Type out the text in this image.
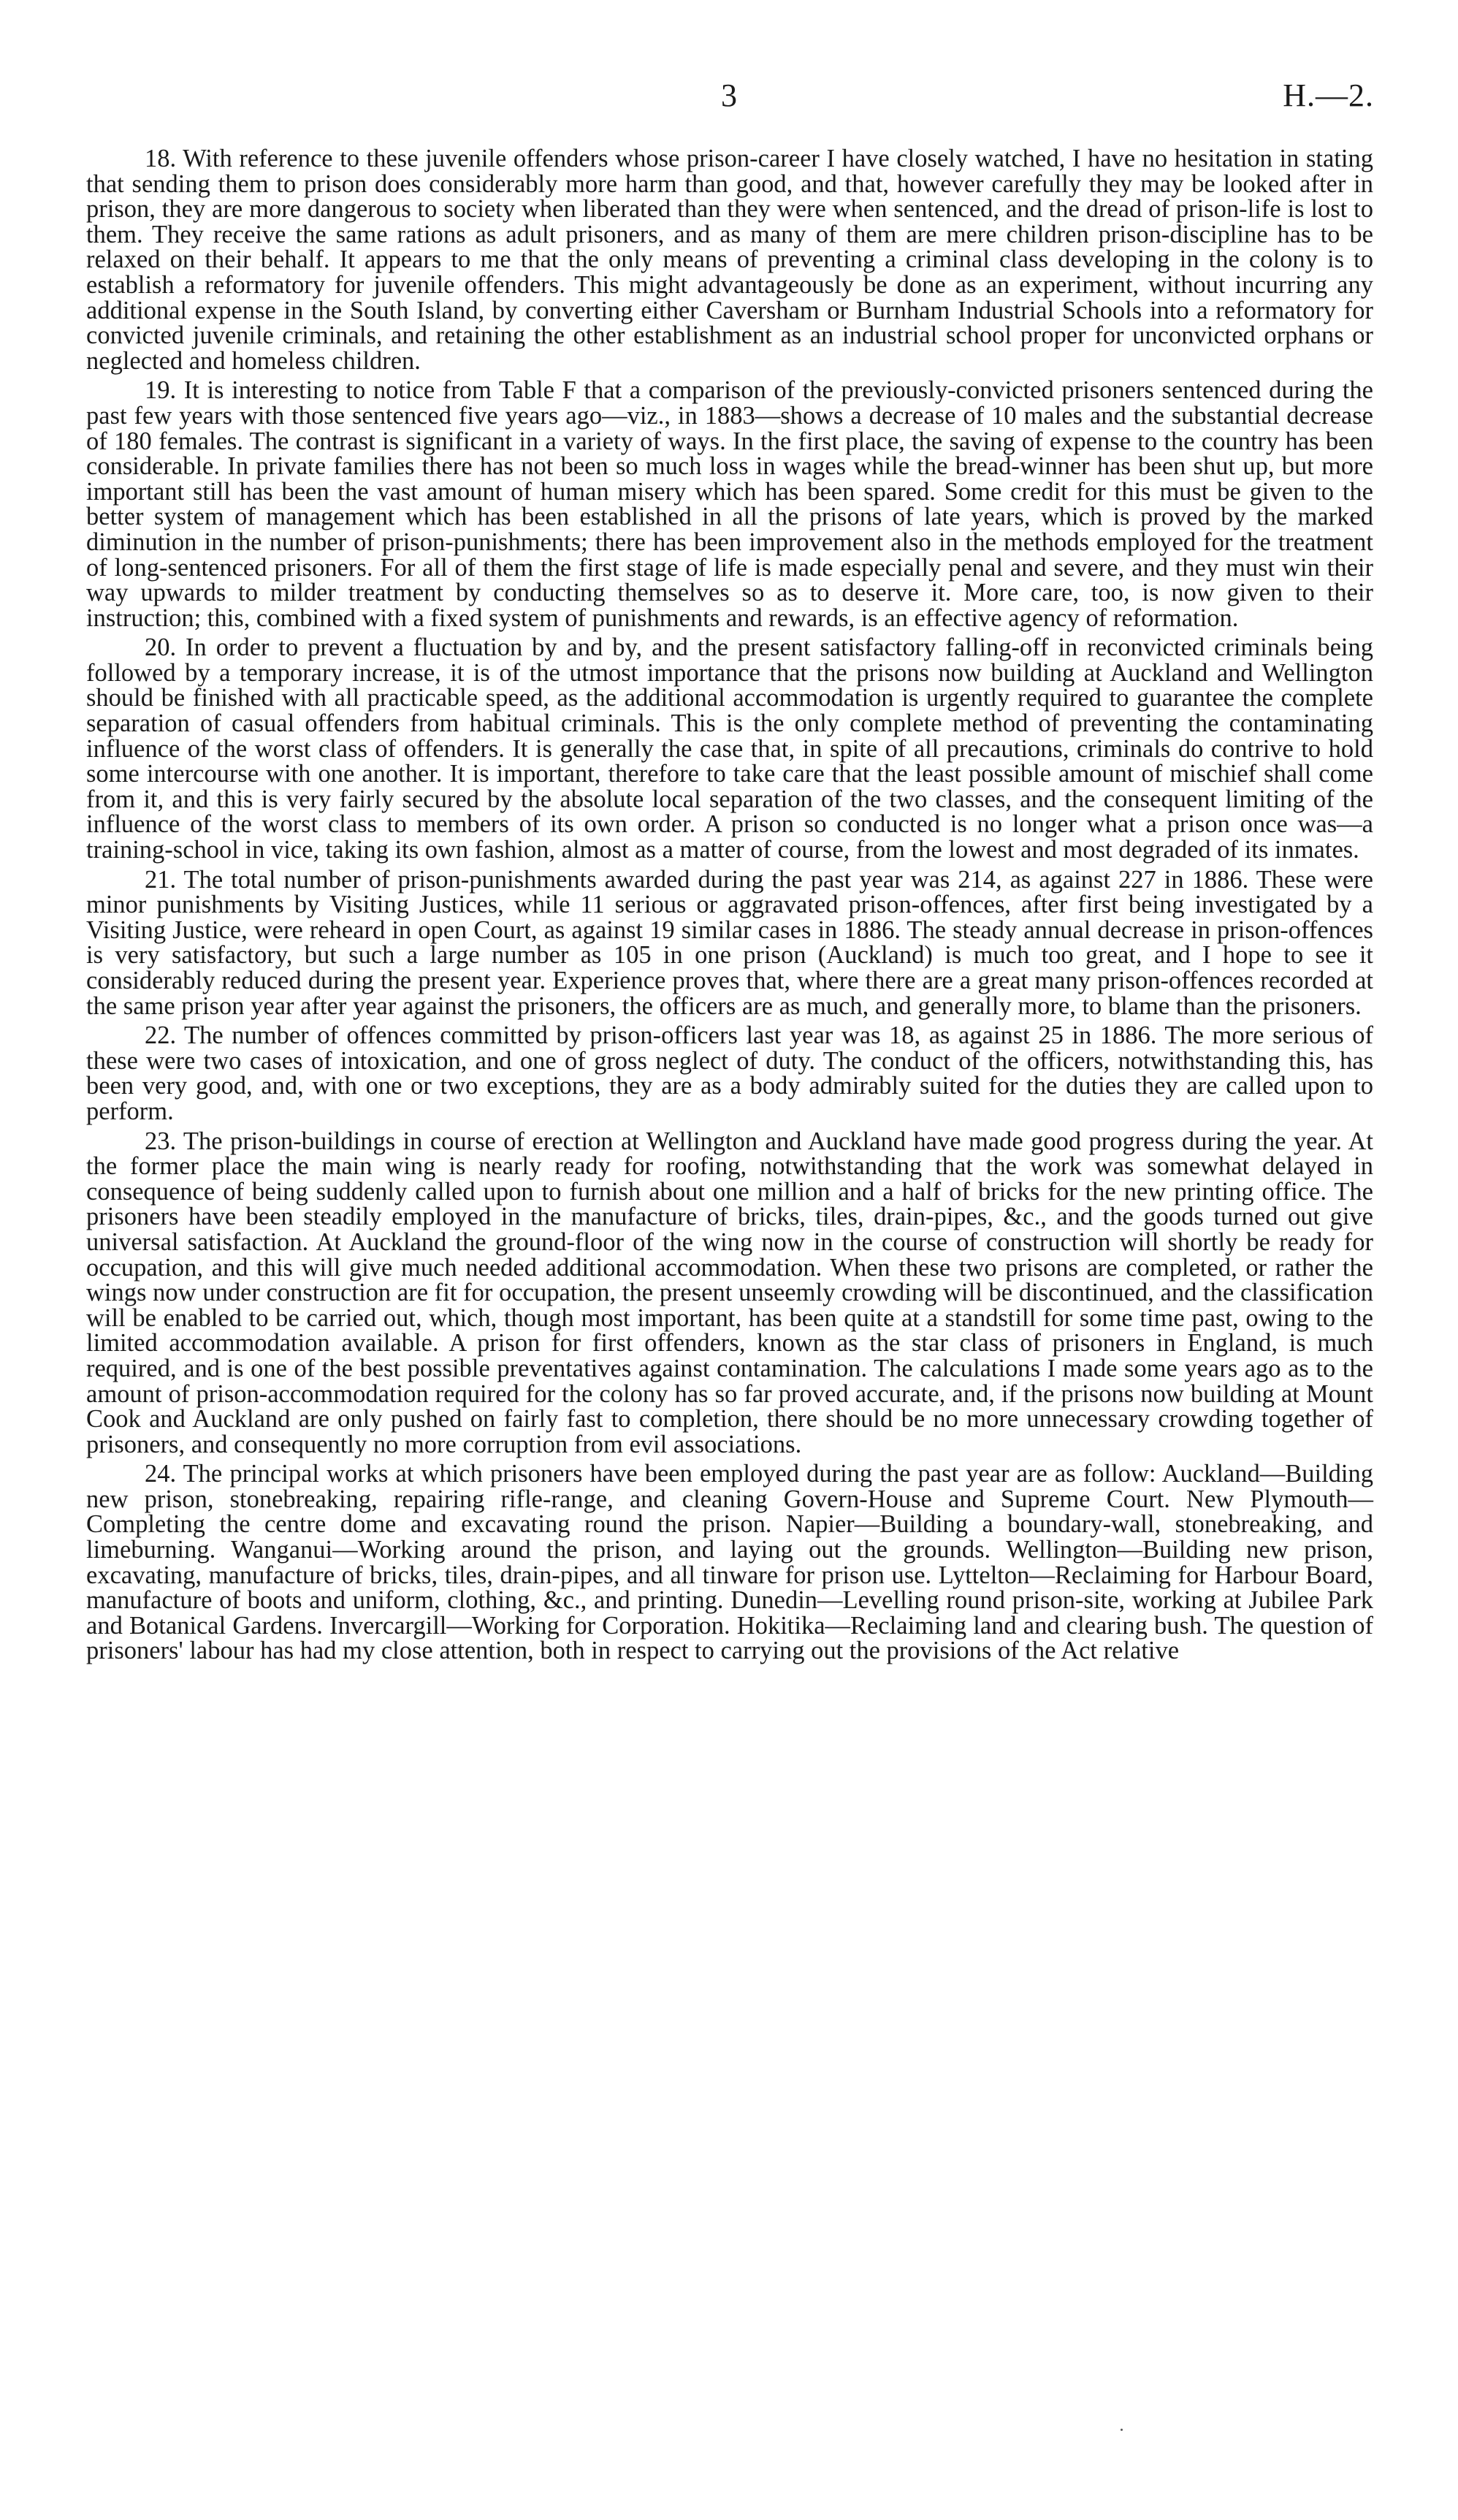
3	H.—2.

18. With reference to these juvenile offenders whose prison-career I have closely watched, I have no hesitation in stating that sending them to prison does considerably more harm than good, and that, however carefully they may be looked after in prison, they are more dangerous to society when liberated than they were when sentenced, and the dread of prison-life is lost to them. They receive the same rations as adult prisoners, and as many of them are mere children prison-discipline has to be relaxed on their behalf. It appears to me that the only means of preventing a criminal class developing in the colony is to establish a reformatory for juvenile offenders. This might advantageously be done as an experiment, without incurring any additional expense in the South Island, by converting either Caversham or Burnham Industrial Schools into a reformatory for convicted juvenile criminals, and retaining the other establishment as an industrial school proper for unconvicted orphans or neglected and homeless children.

19. It is interesting to notice from Table F that a comparison of the previously-convicted prisoners sentenced during the past few years with those sentenced five years ago—viz., in 1883—shows a decrease of 10 males and the substantial decrease of 180 females. The contrast is significant in a variety of ways. In the first place, the saving of expense to the country has been considerable. In private families there has not been so much loss in wages while the bread-winner has been shut up, but more important still has been the vast amount of human misery which has been spared. Some credit for this must be given to the better system of management which has been established in all the prisons of late years, which is proved by the marked diminution in the number of prison-punishments; there has been improvement also in the methods employed for the treatment of long-sentenced prisoners. For all of them the first stage of life is made especially penal and severe, and they must win their way upwards to milder treatment by conducting themselves so as to deserve it. More care, too, is now given to their instruction; this, combined with a fixed system of punishments and rewards, is an effective agency of reformation.

20. In order to prevent a fluctuation by and by, and the present satisfactory falling-off in reconvicted criminals being followed by a temporary increase, it is of the utmost importance that the prisons now building at Auckland and Wellington should be finished with all practicable speed, as the additional accommodation is urgently required to guarantee the complete separation of casual offenders from habitual criminals. This is the only complete method of preventing the contaminating influence of the worst class of offenders. It is generally the case that, in spite of all precautions, criminals do contrive to hold some intercourse with one another. It is important, therefore to take care that the least possible amount of mischief shall come from it, and this is very fairly secured by the absolute local separation of the two classes, and the consequent limiting of the influence of the worst class to members of its own order. A prison so conducted is no longer what a prison once was—a training-school in vice, taking its own fashion, almost as a matter of course, from the lowest and most degraded of its inmates.

21. The total number of prison-punishments awarded during the past year was 214, as against 227 in 1886. These were minor punishments by Visiting Justices, while 11 serious or aggravated prison-offences, after first being investigated by a Visiting Justice, were reheard in open Court, as against 19 similar cases in 1886. The steady annual decrease in prison-offences is very satisfactory, but such a large number as 105 in one prison (Auckland) is much too great, and I hope to see it considerably reduced during the present year. Experience proves that, where there are a great many prison-offences recorded at the same prison year after year against the prisoners, the officers are as much, and generally more, to blame than the prisoners.

22. The number of offences committed by prison-officers last year was 18, as against 25 in 1886. The more serious of these were two cases of intoxication, and one of gross neglect of duty. The conduct of the officers, notwithstanding this, has been very good, and, with one or two exceptions, they are as a body admirably suited for the duties they are called upon to perform.

23. The prison-buildings in course of erection at Wellington and Auckland have made good progress during the year. At the former place the main wing is nearly ready for roofing, notwithstanding that the work was somewhat delayed in consequence of being suddenly called upon to furnish about one million and a half of bricks for the new printing office. The prisoners have been steadily employed in the manufacture of bricks, tiles, drain-pipes, &c., and the goods turned out give universal satisfaction. At Auckland the ground-floor of the wing now in the course of construction will shortly be ready for occupation, and this will give much needed additional accommodation. When these two prisons are completed, or rather the wings now under construction are fit for occupation, the present unseemly crowding will be discontinued, and the classification will be enabled to be carried out, which, though most important, has been quite at a standstill for some time past, owing to the limited accommodation available. A prison for first offenders, known as the star class of prisoners in England, is much required, and is one of the best possible preventatives against contamination. The calculations I made some years ago as to the amount of prison-accommodation required for the colony has so far proved accurate, and, if the prisons now building at Mount Cook and Auckland are only pushed on fairly fast to completion, there should be no more unnecessary crowding together of prisoners, and consequently no more corruption from evil associations.

24. The principal works at which prisoners have been employed during the past year are as follow: Auckland—Building new prison, stonebreaking, repairing rifle-range, and cleaning Govern-House and Supreme Court. New Plymouth—Completing the centre dome and excavating round the prison. Napier—Building a boundary-wall, stonebreaking, and limeburning. Wanganui—Working around the prison, and laying out the grounds. Wellington—Building new prison, excavating, manufacture of bricks, tiles, drain-pipes, and all tinware for prison use. Lyttelton—Reclaiming for Harbour Board, manufacture of boots and uniform, clothing, &c., and printing. Dunedin—Levelling round prison-site, working at Jubilee Park and Botanical Gardens. Invercargill—Working for Corporation. Hokitika—Reclaiming land and clearing bush. The question of prisoners' labour has had my close attention, both in respect to carrying out the provisions of the Act relative
